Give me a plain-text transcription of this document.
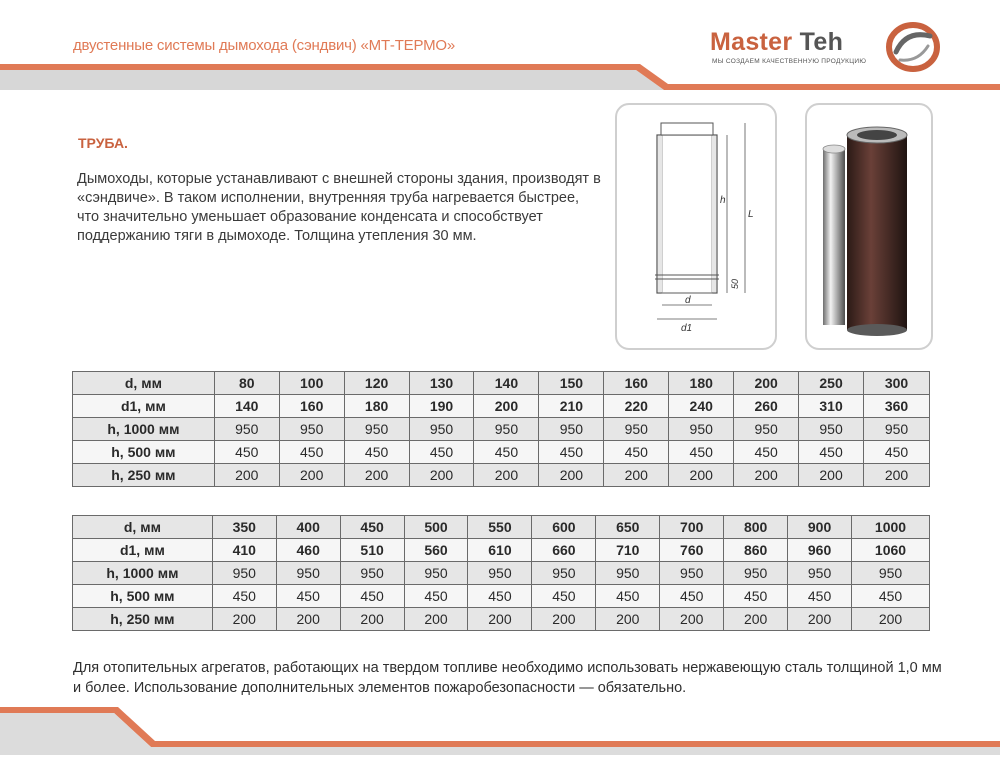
двустенные системы дымохода (сэндвич) «МТ-ТЕРМО»	Master Teh
МЫ СОЗДАЕМ КАЧЕСТВЕННУЮ ПРОДУКЦИЮ
ТРУБА.
Дымоходы, которые устанавливают с внешней стороны здания, производят в «сэндвиче». В таком исполнении, внутренняя труба нагревается быстрее, что значительно уменьшает образование конденсата и способствует поддержанию тяги в дымоходе. Толщина утепления 30 мм.
h
L
50
d
d1
d, мм	80	100	120	130	140	150	160	180	200	250	300
d1, мм	140	160	180	190	200	210	220	240	260	310	360
h, 1000 мм	950	950	950	950	950	950	950	950	950	950	950
h, 500 мм	450	450	450	450	450	450	450	450	450	450	450
h, 250 мм	200	200	200	200	200	200	200	200	200	200	200
d, мм	350	400	450	500	550	600	650	700	800	900	1000
d1, мм	410	460	510	560	610	660	710	760	860	960	1060
h, 1000 мм	950	950	950	950	950	950	950	950	950	950	950
h, 500 мм	450	450	450	450	450	450	450	450	450	450	450
h, 250 мм	200	200	200	200	200	200	200	200	200	200	200
Для отопительных агрегатов, работающих на твердом топливе необходимо использовать нержавеющую сталь толщиной 1,0 мм и более. Использование дополнительных элементов пожаробезопасности — обязательно.
